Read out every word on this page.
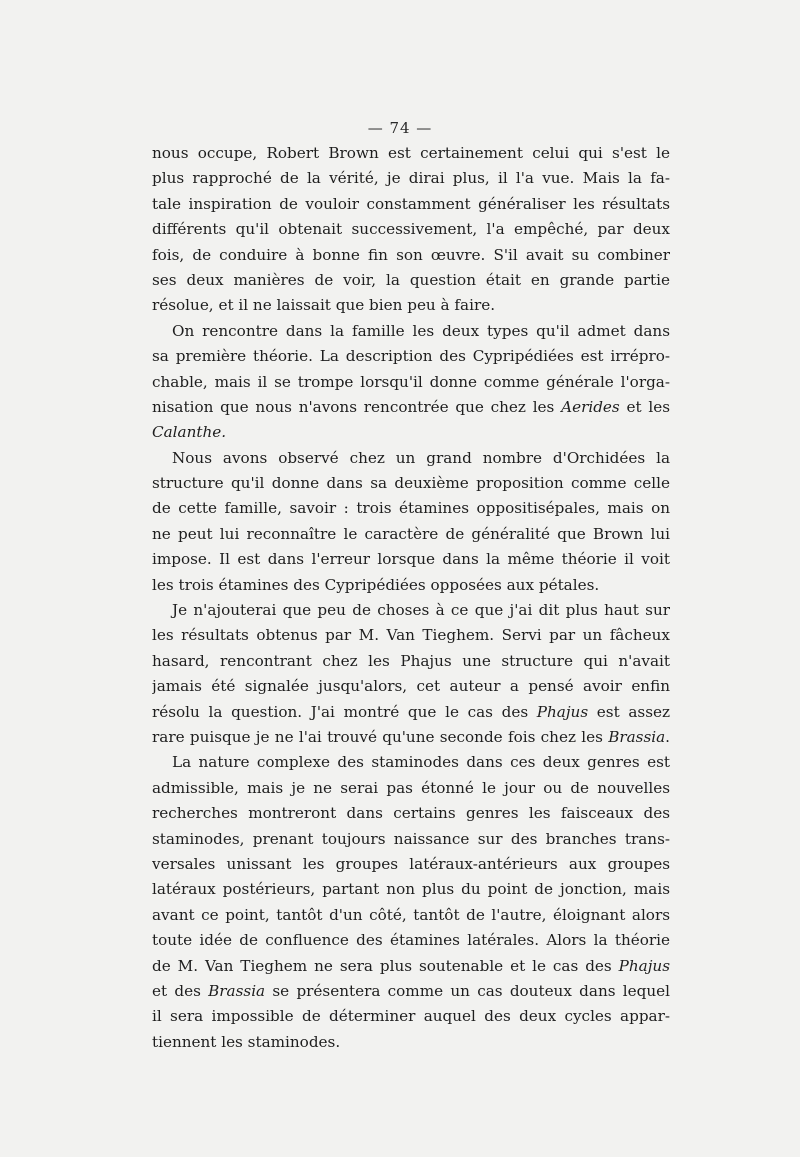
— 74 —
nous occupe, Robert Brown est certainement celui qui s'est le
plus rapproché de la vérité, je dirai plus, il l'a vue. Mais la fa-
tale inspiration de vouloir constamment généraliser les résultats
différents qu'il obtenait successivement, l'a empêché, par deux
fois, de conduire à bonne fin son œuvre. S'il avait su combiner
ses deux manières de voir, la question était en grande partie
résolue, et il ne laissait que bien peu à faire.
On rencontre dans la famille les deux types qu'il admet dans
sa première théorie. La description des Cypripédiées est irrépro-
chable, mais il se trompe lorsqu'il donne comme générale l'orga-
nisation que nous n'avons rencontrée que chez les Aerides et les
Calanthe.
Nous avons observé chez un grand nombre d'Orchidées la
structure qu'il donne dans sa deuxième proposition comme celle
de cette famille, savoir : trois étamines oppositisépales, mais on
ne peut lui reconnaître le caractère de généralité que Brown lui
impose. Il est dans l'erreur lorsque dans la même théorie il voit
les trois étamines des Cypripédiées opposées aux pétales.
Je n'ajouterai que peu de choses à ce que j'ai dit plus haut sur
les résultats obtenus par M. Van Tieghem. Servi par un fâcheux
hasard, rencontrant chez les Phajus une structure qui n'avait
jamais été signalée jusqu'alors, cet auteur a pensé avoir enfin
résolu la question. J'ai montré que le cas des Phajus est assez
rare puisque je ne l'ai trouvé qu'une seconde fois chez les Brassia.
La nature complexe des staminodes dans ces deux genres est
admissible, mais je ne serai pas étonné le jour ou de nouvelles
recherches montreront dans certains genres les faisceaux des
staminodes, prenant toujours naissance sur des branches trans-
versales unissant les groupes latéraux-antérieurs aux groupes
latéraux postérieurs, partant non plus du point de jonction, mais
avant ce point, tantôt d'un côté, tantôt de l'autre, éloignant alors
toute idée de confluence des étamines latérales. Alors la théorie
de M. Van Tieghem ne sera plus soutenable et le cas des Phajus
et des Brassia se présentera comme un cas douteux dans lequel
il sera impossible de déterminer auquel des deux cycles appar-
tiennent les staminodes.
